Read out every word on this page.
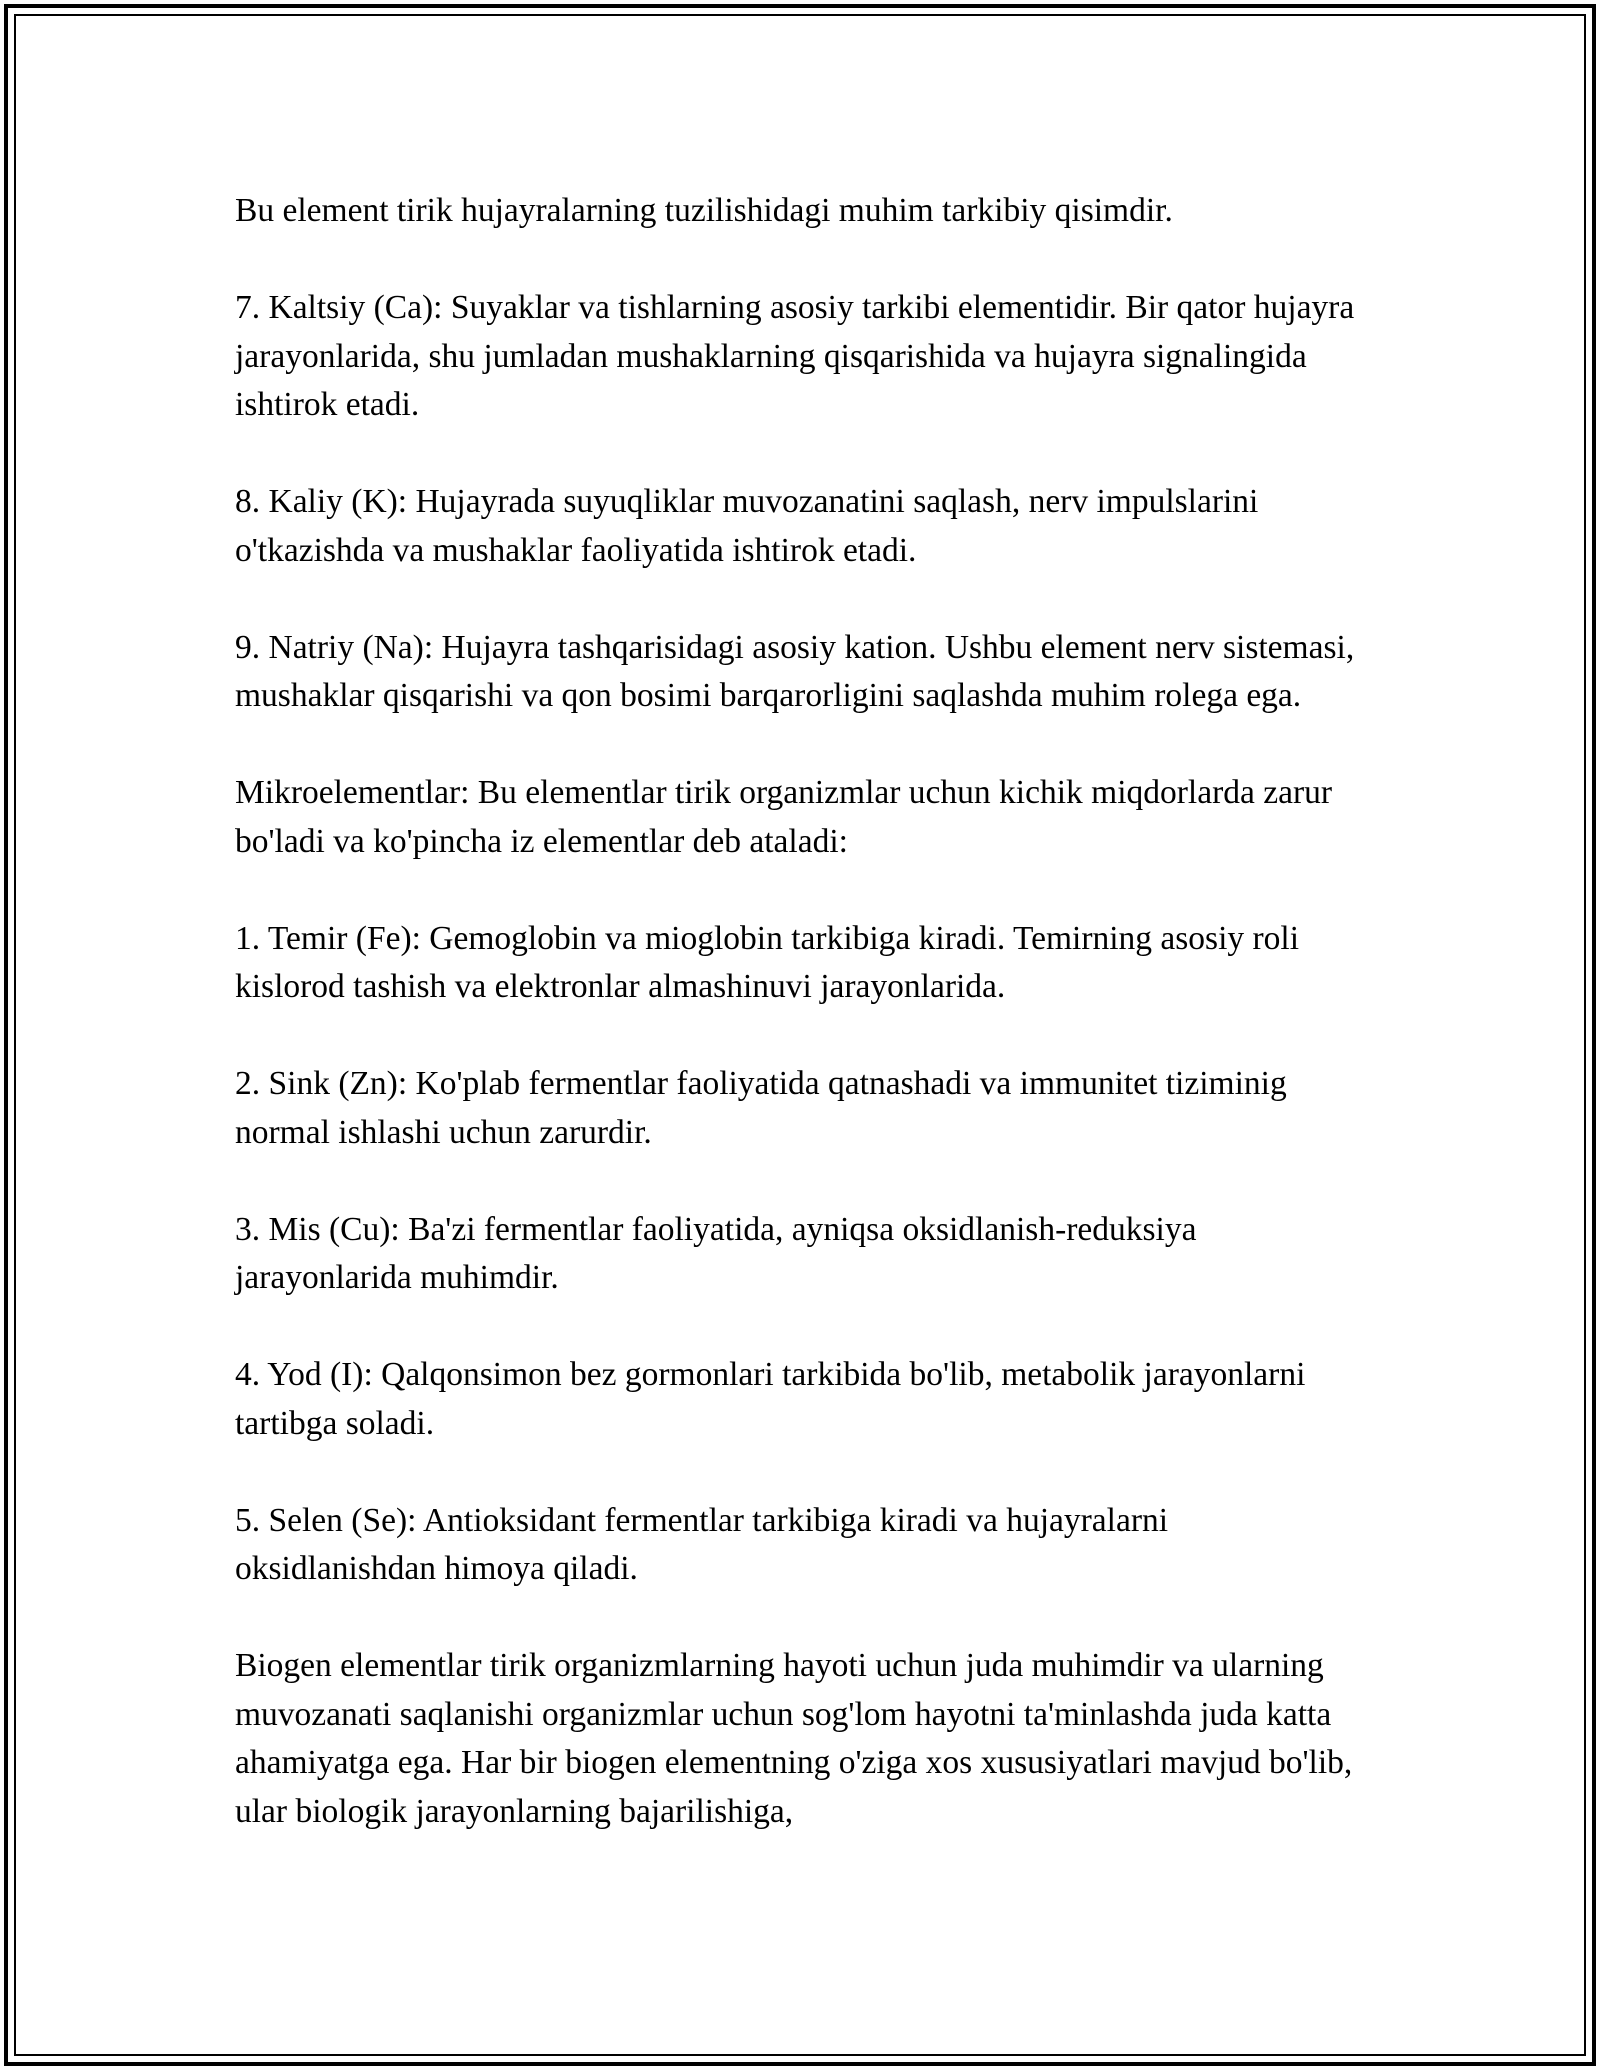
Bu element tirik hujayralarning tuzilishidagi muhim tarkibiy qisimdir.

7. Kaltsiy (Ca): Suyaklar va tishlarning asosiy tarkibi elementidir. Bir qator hujayra jarayonlarida, shu jumladan mushaklarning qisqarishida va hujayra signalingida ishtirok etadi.

8. Kaliy (K): Hujayrada suyuqliklar muvozanatini saqlash, nerv impulslarini o'tkazishda va mushaklar faoliyatida ishtirok etadi.

9. Natriy (Na): Hujayra tashqarisidagi asosiy kation. Ushbu element nerv sistemasi, mushaklar qisqarishi va qon bosimi barqarorligini saqlashda muhim rolega ega.

Mikroelementlar: Bu elementlar tirik organizmlar uchun kichik miqdorlarda zarur bo'ladi va ko'pincha iz elementlar deb ataladi:

1. Temir (Fe): Gemoglobin va mioglobin tarkibiga kiradi. Temirning asosiy roli kislorod tashish va elektronlar almashinuvi jarayonlarida.

2. Sink (Zn): Ko'plab fermentlar faoliyatida qatnashadi va immunitet tiziminig normal ishlashi uchun zarurdir.

3. Mis (Cu): Ba'zi fermentlar faoliyatida, ayniqsa oksidlanish-reduksiya jarayonlarida muhimdir.

4. Yod (I): Qalqonsimon bez gormonlari tarkibida bo'lib, metabolik jarayonlarni tartibga soladi.

5. Selen (Se): Antioksidant fermentlar tarkibiga kiradi va hujayralarni oksidlanishdan himoya qiladi.

Biogen elementlar tirik organizmlarning hayoti uchun juda muhimdir va ularning muvozanati saqlanishi organizmlar uchun sog'lom hayotni ta'minlashda juda katta ahamiyatga ega. Har bir biogen elementning o'ziga xos xususiyatlari mavjud bo'lib, ular biologik jarayonlarning bajarilishiga,
